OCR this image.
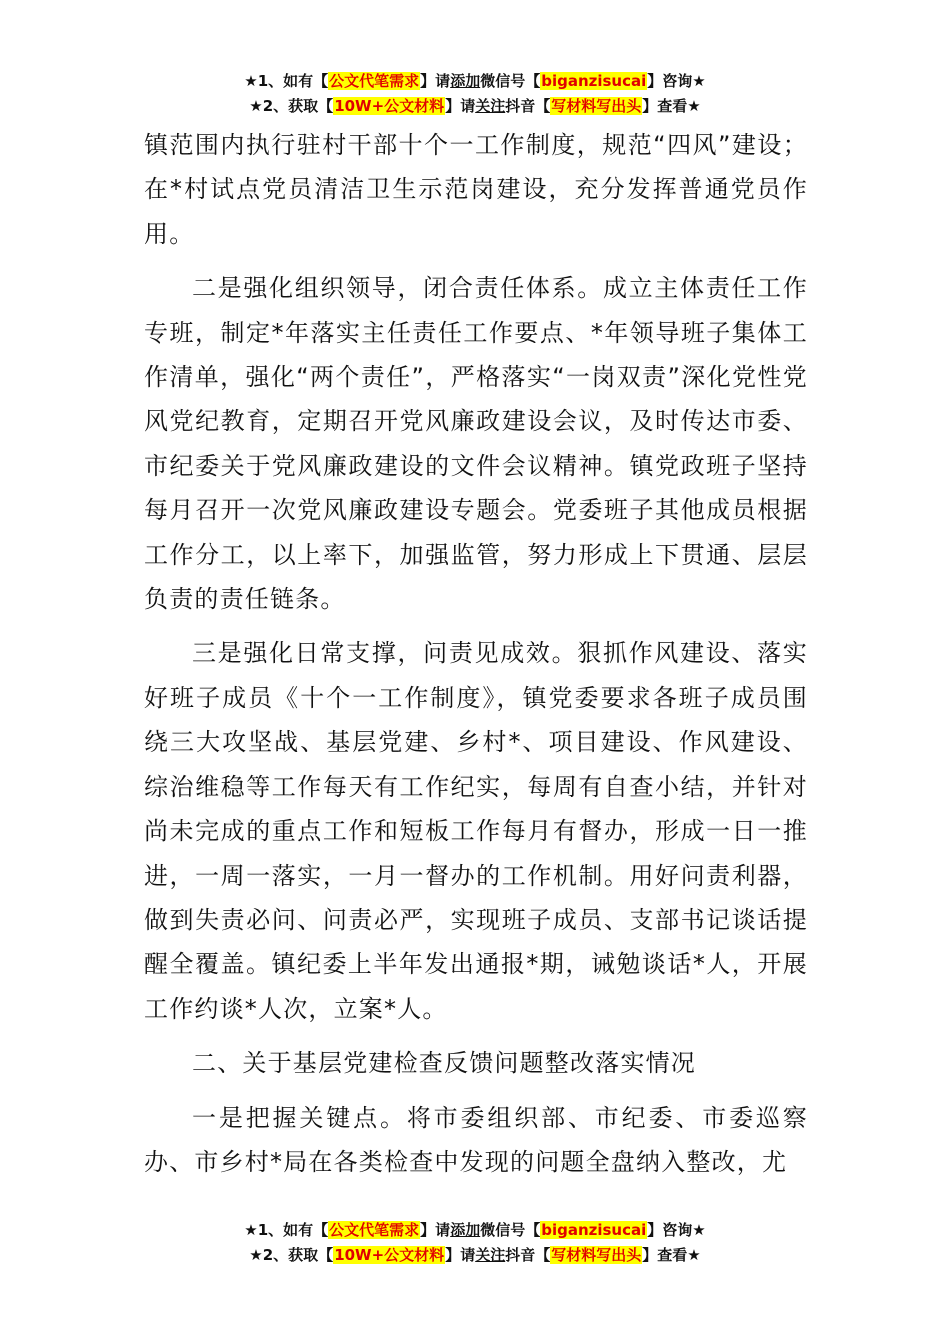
★1、如有【公文代笔需求】请添加微信号【biganzisucai】咨询★
★2、获取【10W+公文材料】请关注抖音【写材料写出头】查看★

镇范围内执行驻村干部十个一工作制度，规范“四风”建设；在*村试点党员清洁卫生示范岗建设，充分发挥普通党员作用。

二是强化组织领导，闭合责任体系。成立主体责任工作专班，制定*年落实主任责任工作要点、*年领导班子集体工作清单，强化“两个责任”，严格落实“一岗双责”深化党性党风党纪教育，定期召开党风廉政建设会议，及时传达市委、市纪委关于党风廉政建设的文件会议精神。镇党政班子坚持每月召开一次党风廉政建设专题会。党委班子其他成员根据工作分工，以上率下，加强监管，努力形成上下贯通、层层负责的责任链条。

三是强化日常支撑，问责见成效。狠抓作风建设、落实好班子成员《十个一工作制度》，镇党委要求各班子成员围绕三大攻坚战、基层党建、乡村*、项目建设、作风建设、综治维稳等工作每天有工作纪实，每周有自查小结，并针对尚未完成的重点工作和短板工作每月有督办，形成一日一推进，一周一落实，一月一督办的工作机制。用好问责利器，做到失责必问、问责必严，实现班子成员、支部书记谈话提醒全覆盖。镇纪委上半年发出通报*期，诫勉谈话*人，开展工作约谈*人次，立案*人。

二、关于基层党建检查反馈问题整改落实情况

一是把握关键点。将市委组织部、市纪委、市委巡察办、市乡村*局在各类检查中发现的问题全盘纳入整改，尤

★1、如有【公文代笔需求】请添加微信号【biganzisucai】咨询★
★2、获取【10W+公文材料】请关注抖音【写材料写出头】查看★
